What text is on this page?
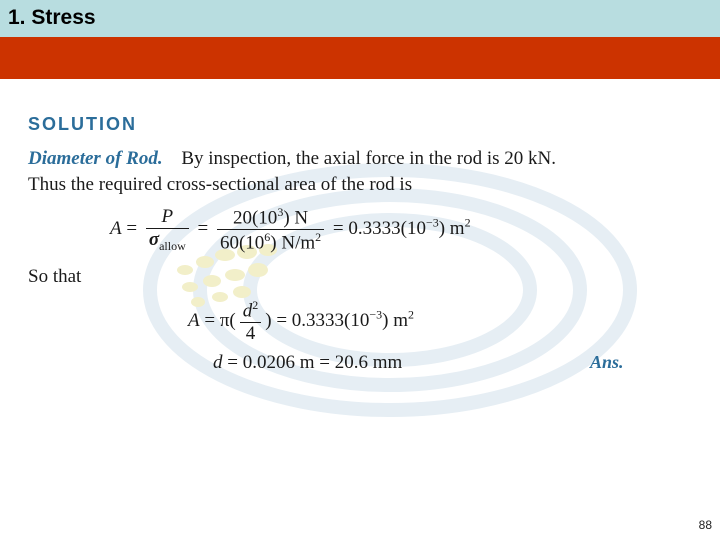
1. Stress
SOLUTION
Diameter of Rod. By inspection, the axial force in the rod is 20 kN.
Thus the required cross-sectional area of the rod is
$A = \frac{P}{\sigma_{allow}} = \frac{20(10^3) N}{60(10^6) N/m^2} = 0.3333(10^{-3})$ $m^2$
So that
$A = \pi( \frac{d^2}{4}$ ) = $0.3333(10^{-3})$ $m^2$
d = 0.0206 m = 20.6 mm	Ans.
88
